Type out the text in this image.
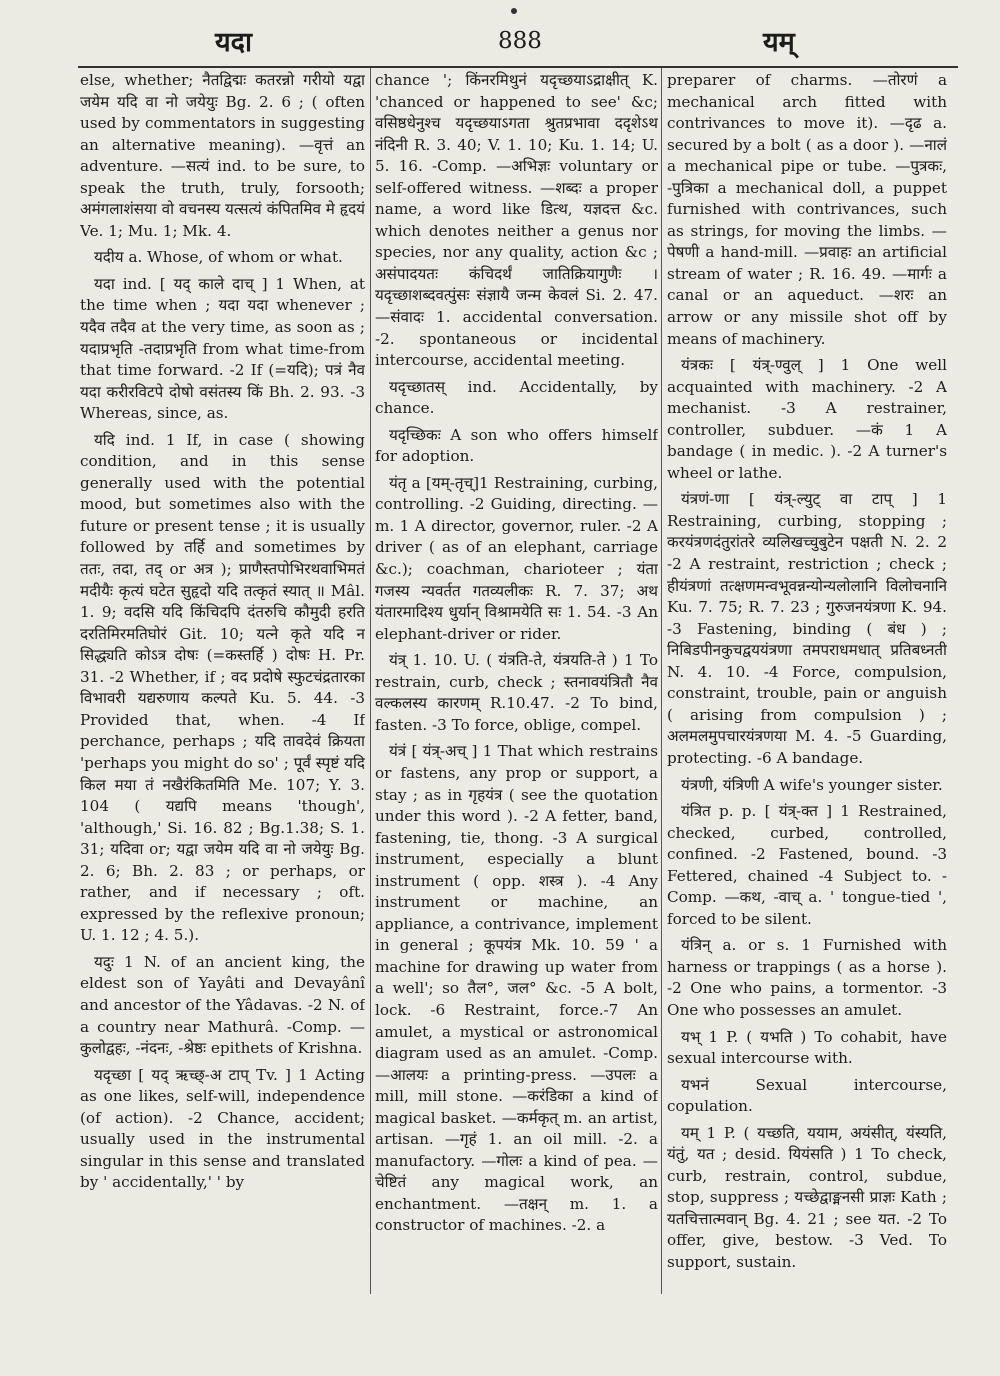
यदा	888	यम्

else, whether; नैतद्विद्मः कतरन्नो गरीयो यद्वा जयेम यदि वा नो जयेयुः Bg. 2. 6 ; ( often used by commentators in suggesting an alternative meaning). —वृत्तं an adventure. —सत्यं ind. to be sure, to speak the truth, truly, forsooth; अमंगलाशंसया वो वचनस्य यत्सत्यं कंपितमिव मे हृदयं Ve. 1; Mu. 1; Mk. 4.

यदीय a. Whose, of whom or what.

यदा ind. [ यद् काले दाच् ] 1 When, at the time when ; यदा यदा whenever ; यदैव तदैव at the very time, as soon as ; यदाप्रभृति -तदाप्रभृति from what time-from that time forward. -2 If (=यदि); पत्रं नैव यदा करीरविटपे दोषो वसंतस्य किं Bh. 2. 93. -3 Whereas, since, as.

यदि ind. 1 If, in case ( showing condition, and in this sense generally used with the potential mood, but sometimes also with the future or present tense ; it is usually followed by तर्हि and sometimes by ततः, तदा, तद् or अत्र ); प्राणैस्तपोभिरथवाभिमतं मदीयैः कृत्यं घटेत सुहृदो यदि तत्कृतं स्यात् ॥ Mâl. 1. 9; वदसि यदि किंचिदपि दंतरुचि कौमुदी हरति दरतिमिरमतिघोरं Git. 10; यत्ने कृते यदि न सिद्ध्यति कोऽत्र दोषः (=कस्तर्हि ) दोषः H. Pr. 31. -2 Whether, if ; वद प्रदोषे स्फुटचंद्रतारका विभावरी यद्यरुणाय कल्पते Ku. 5. 44. -3 Provided that, when. -4 If perchance, perhaps ; यदि तावदेवं क्रियता 'perhaps you might do so' ; पूर्वं स्पृष्टं यदि किल मया तं नखैरंकितमिति Me. 107; Y. 3. 104 ( यद्यपि means 'though', 'although,' Si. 16. 82 ; Bg.1.38; S. 1. 31; यदिवा or; यद्वा जयेम यदि वा नो जयेयुः Bg. 2. 6; Bh. 2. 83 ; or perhaps, or rather, and if necessary ; oft. expressed by the reflexive pronoun; U. 1. 12 ; 4. 5.).

यदुः 1 N. of an ancient king, the eldest son of Yayâti and Devayânî and ancestor of the Yâdavas. -2 N. of a country near Mathurâ. -Comp. —कुलोद्वहः, -नंदनः, -श्रेष्ठः epithets of Krishna.

यदृच्छा [ यद् ऋच्छ्-अ टाप् Tv. ] 1 Acting as one likes, self-will, independence (of action). -2 Chance, accident; usually used in the instrumental singular in this sense and translated by ' accidentally,' ' by

chance '; किंनरमिथुनं यदृच्छयाऽद्राक्षीत् K. 'chanced or happened to see' &c; वसिष्ठधेनुश्च यदृच्छयाऽगता श्रुतप्रभावा ददृशेऽथ नंदिनी R. 3. 40; V. 1. 10; Ku. 1. 14; U. 5. 16. -Comp. —अभिज्ञः voluntary or self-offered witness. —शब्दः a proper name, a word like डित्थ, यज्ञदत्त &c. which denotes neither a genus nor species, nor any quality, action &c ; असंपादयतः कंचिदर्थं जातिक्रियागुणैः । यदृच्छाशब्दवत्पुंसः संज्ञायै जन्म केवलं Si. 2. 47. —संवादः 1. accidental conversation. -2. spontaneous or incidental intercourse, accidental meeting.

यदृच्छातस् ind. Accidentally, by chance.

यदृच्छिकः A son who offers himself for adoption.

यंतृ a [यम्-तृच्]1 Restraining, curbing, controlling. -2 Guiding, directing. —m. 1 A director, governor, ruler. -2 A driver ( as of an elephant, carriage &c.); coachman, charioteer ; यंता गजस्य न्यवर्तत गतव्यलीकः R. 7. 37; अथ यंतारमादिश्य धुर्यान् विश्रामयेति सः 1. 54. -3 An elephant-driver or rider.

यंत्र् 1. 10. U. ( यंत्रति-ते, यंत्रयति-ते ) 1 To restrain, curb, check ; स्तनावयंत्रितौ नैव वल्कलस्य कारणम् R.10.47. -2 To bind, fasten. -3 To force, oblige, compel.

यंत्रं [ यंत्र्-अच् ] 1 That which restrains or fastens, any prop or support, a stay ; as in गृहयंत्र ( see the quotation under this word ). -2 A fetter, band, fastening, tie, thong. -3 A surgical instrument, especially a blunt instrument ( opp. शस्त्र ). -4 Any instrument or machine, an appliance, a contrivance, implement in general ; कूपयंत्र Mk. 10. 59 ' a machine for drawing up water from a well'; so तैल°, जल° &c. -5 A bolt, lock. -6 Restraint, force.-7 An amulet, a mystical or astronomical diagram used as an amulet. -Comp. —आलयः a printing-press. —उपलः a mill, mill stone. —करंडिका a kind of magical basket. —कर्मकृत् m. an artist, artisan. —गृहं 1. an oil mill. -2. a manufactory. —गोलः a kind of pea. —चेष्टितं any magical work, an enchantment. —तक्षन् m. 1. a constructor of machines. -2. a

preparer of charms. —तोरणं a mechanical arch fitted with contrivances to move it). —दृढ a. secured by a bolt ( as a door ). —नालं a mechanical pipe or tube. —पुत्रकः, -पुत्रिका a mechanical doll, a puppet furnished with contrivances, such as strings, for moving the limbs. —पेषणी a hand-mill. —प्रवाहः an artificial stream of water ; R. 16. 49. —मार्गः a canal or an aqueduct. —शरः an arrow or any missile shot off by means of machinery.

यंत्रकः [ यंत्र्-ण्वुल् ] 1 One well acquainted with machinery. -2 A mechanist. -3 A restrainer, controller, subduer. —कं 1 A bandage ( in medic. ). -2 A turner's wheel or lathe.

यंत्रणं-णा [ यंत्र्-ल्युट् वा टाप् ] 1 Restraining, curbing, stopping ; करयंत्रणदंतुरांतरे व्यलिखच्चुबुटेन पक्षती N. 2. 2 -2 A restraint, restriction ; check ; हीयंत्रणां तत्क्षणमन्वभूवन्नन्योन्यलोलानि विलोचनानि Ku. 7. 75; R. 7. 23 ; गुरुजनयंत्रणा K. 94. -3 Fastening, binding ( बंध ) ; निबिडपीनकुचद्वययंत्रणा तमपराधमधात् प्रतिबध्नती N. 4. 10. -4 Force, compulsion, constraint, trouble, pain or anguish ( arising from compulsion ) ; अलमलमुपचारयंत्रणया M. 4. -5 Guarding, protecting. -6 A bandage.

यंत्रणी, यंत्रिणी A wife's younger sister.

यंत्रित p. p. [ यंत्र्-क्त ] 1 Restrained, checked, curbed, controlled, confined. -2 Fastened, bound. -3 Fettered, chained -4 Subject to. -Comp. —कथ, -वाच् a. ' tongue-tied ', forced to be silent.

यंत्रिन् a. or s. 1 Furnished with harness or trappings ( as a horse ). -2 One who pains, a tormentor. -3 One who possesses an amulet.

यभ् 1 P. ( यभति ) To cohabit, have sexual intercourse with.

यभनं Sexual intercourse, copulation.

यम् 1 P. ( यच्छति, ययाम, अयंसीत्, यंस्यति, यंतुं, यत ; desid. यियंसति ) 1 To check, curb, restrain, control, subdue, stop, suppress ; यच्छेद्वाङ्मनसी प्राज्ञः Kath ; यतचित्तात्मवान् Bg. 4. 21 ; see यत. -2 To offer, give, bestow. -3 Ved. To support, sustain.
